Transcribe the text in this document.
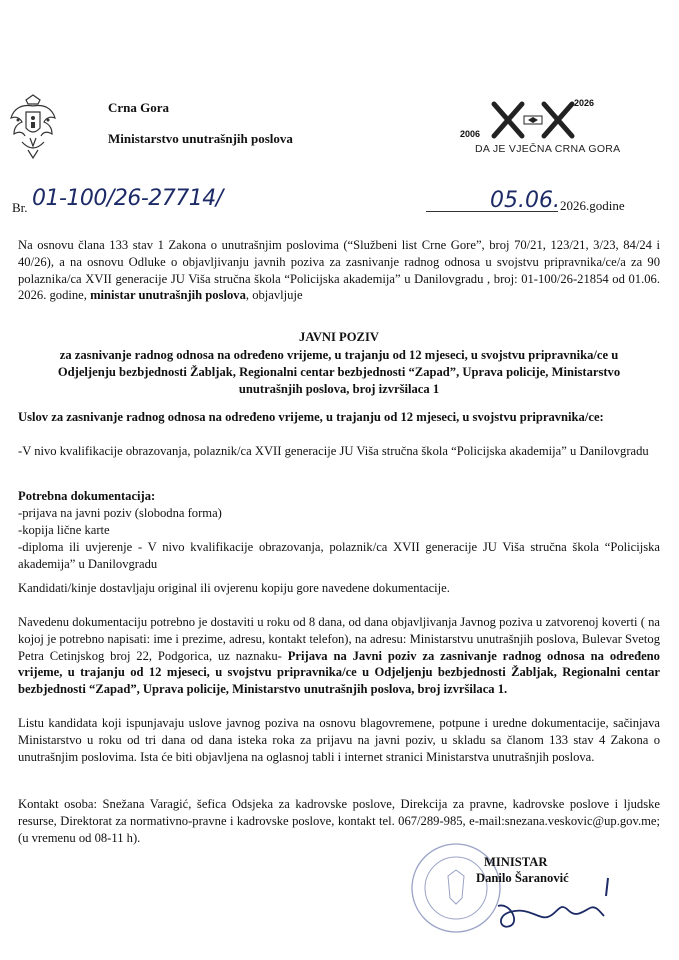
Crna Gora
Ministarstvo unutrašnjih poslova	2006
2026
DA JE VJEČNA CRNA GORA
Br. 01-100/26-27714/	05.06. 2026.godine
Na osnovu člana 133 stav 1 Zakona o unutrašnjim poslovima (“Službeni list Crne Gore”, broj 70/21, 123/21, 3/23, 84/24 i 40/26), a na osnovu Odluke o objavljivanju javnih poziva za zasnivanje radnog odnosa u svojstvu pripravnika/ce/a za 90 polaznika/ca XVII generacije JU Viša stručna škola “Policijska akademija” u Danilovgradu , broj: 01-100/26-21854 od 01.06. 2026. godine, ministar unutrašnjih poslova, objavljuje
JAVNI POZIV
za zasnivanje radnog odnosa na određeno vrijeme, u trajanju od 12 mjeseci, u svojstvu pripravnika/ce u Odjeljenju bezbjednosti Žabljak, Regionalni centar bezbjednosti “Zapad”, Uprava policije, Ministarstvo unutrašnjih poslova, broj izvršilaca 1
Uslov za zasnivanje radnog odnosa na određeno vrijeme, u trajanju od 12 mjeseci, u svojstvu pripravnika/ce:
-V nivo kvalifikacije obrazovanja, polaznik/ca XVII generacije JU Viša stručna škola “Policijska akademija” u Danilovgradu
Potrebna dokumentacija:
-prijava na javni poziv (slobodna forma)
-kopija lične karte
-diploma ili uvjerenje - V nivo kvalifikacije obrazovanja, polaznik/ca XVII generacije JU Viša stručna škola “Policijska akademija” u Danilovgradu
Kandidati/kinje dostavljaju original ili ovjerenu kopiju gore navedene dokumentacije.
Navedenu dokumentaciju potrebno je dostaviti u roku od 8 dana, od dana objavljivanja Javnog poziva u zatvorenoj koverti ( na kojoj je potrebno napisati: ime i prezime, adresu, kontakt telefon), na adresu: Ministarstvu unutrašnjih poslova, Bulevar Svetog Petra Cetinjskog broj 22, Podgorica, uz naznaku- Prijava na Javni poziv za zasnivanje radnog odnosa na određeno vrijeme, u trajanju od 12 mjeseci, u svojstvu pripravnika/ce u Odjeljenju bezbjednosti Žabljak, Regionalni centar bezbjednosti “Zapad”, Uprava policije, Ministarstvo unutrašnjih poslova, broj izvršilaca 1.
Listu kandidata koji ispunjavaju uslove javnog poziva na osnovu blagovremene, potpune i uredne dokumentacije, sačinjava Ministarstvo u roku od tri dana od dana isteka roka za prijavu na javni poziv, u skladu sa članom 133 stav 4 Zakona o unutrašnjim poslovima. Ista će biti objavljena na oglasnoj tabli i internet stranici Ministarstva unutrašnjih poslova.
Kontakt osoba: Snežana Varagić, šefica Odsjeka za kadrovske poslove, Direkcija za pravne, kadrovske poslove i ljudske resurse, Direktorat za normativno-pravne i kadrovske poslove, kontakt tel. 067/289-985, e-mail:snezana.veskovic@up.gov.me; (u vremenu od 08-11 h).
MINISTAR
Danilo Šaranović
